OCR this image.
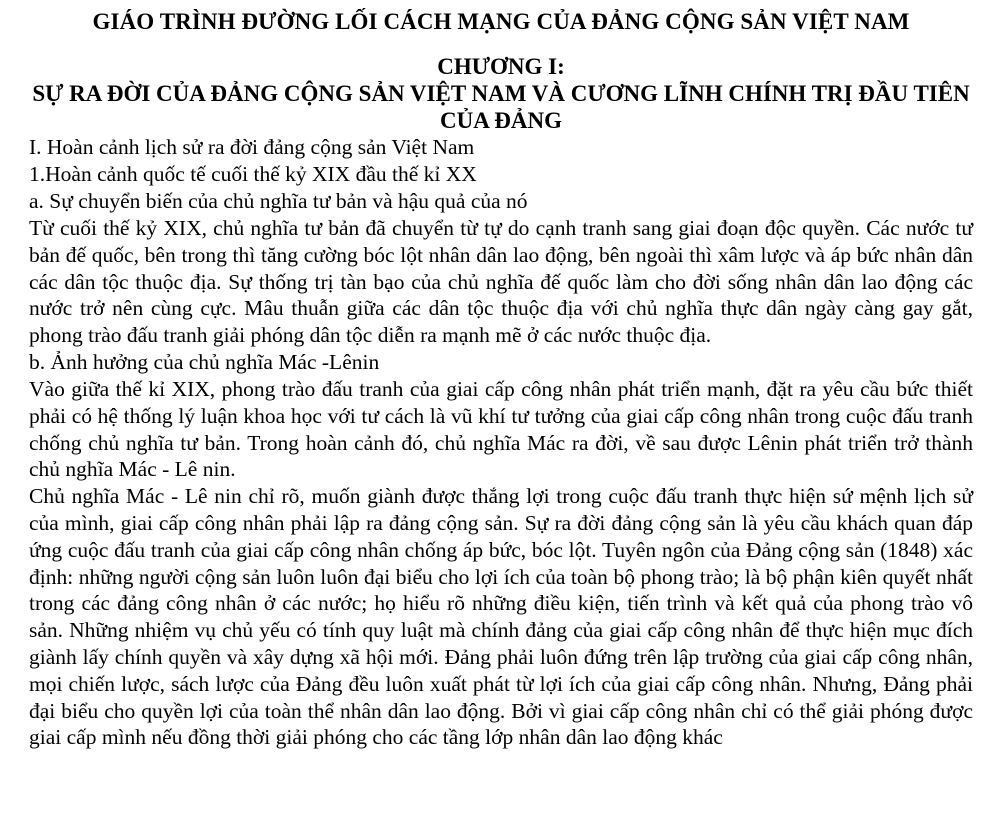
GIÁO TRÌNH ĐƯỜNG LỐI CÁCH MẠNG CỦA ĐẢNG CỘNG SẢN VIỆT NAM
CHƯƠNG I:
SỰ RA ĐỜI CỦA ĐẢNG CỘNG SẢN VIỆT NAM VÀ CƯƠNG LĨNH CHÍNH TRỊ ĐẦU TIÊN CỦA ĐẢNG

I. Hoàn cảnh lịch sử ra đời đảng cộng sản Việt Nam

1.Hoàn cảnh quốc tế cuối thế kỷ XIX đầu thế kỉ XX

a. Sự chuyển biến của chủ nghĩa tư bản và hậu quả của nó

Từ cuối thế kỷ XIX, chủ nghĩa tư bản đã chuyển từ tự do cạnh tranh sang giai đoạn độc quyền. Các nước tư bản đế quốc, bên trong thì tăng cường bóc lột nhân dân lao động, bên ngoài thì xâm lược và áp bức nhân dân các dân tộc thuộc địa. Sự thống trị tàn bạo của chủ nghĩa đế quốc làm cho đời sống nhân dân lao động các nước trở nên cùng cực. Mâu thuẫn giữa các dân tộc thuộc địa với chủ nghĩa thực dân ngày càng gay gắt, phong trào đấu tranh giải phóng dân tộc diễn ra mạnh mẽ ở các nước thuộc địa.

b. Ảnh hưởng của chủ nghĩa Mác -Lênin

Vào giữa thế kỉ XIX, phong trào đấu tranh của giai cấp công nhân phát triển mạnh, đặt ra yêu cầu bức thiết phải có hệ thống lý luận khoa học với tư cách là vũ khí tư tưởng của giai cấp công nhân trong cuộc đấu tranh chống chủ nghĩa tư bản. Trong hoàn cảnh đó, chủ nghĩa Mác ra đời, về sau được Lênin phát triển trở thành chủ nghĩa Mác - Lê nin.

Chủ nghĩa Mác - Lê nin chỉ rõ, muốn giành được thắng lợi trong cuộc đấu tranh thực hiện sứ mệnh lịch sử của mình, giai cấp công nhân phải lập ra đảng cộng sản. Sự ra đời đảng cộng sản là yêu cầu khách quan đáp ứng cuộc đấu tranh của giai cấp công nhân chống áp bức, bóc lột. Tuyên ngôn của Đảng cộng sản (1848) xác định: những người cộng sản luôn luôn đại biểu cho lợi ích của toàn bộ phong trào; là bộ phận kiên quyết nhất trong các đảng công nhân ở các nước; họ hiểu rõ những điều kiện, tiến trình và kết quả của phong trào vô sản. Những nhiệm vụ chủ yếu có tính quy luật mà chính đảng của giai cấp công nhân để thực hiện mục đích giành lấy chính quyền và xây dựng xã hội mới. Đảng phải luôn đứng trên lập trường của giai cấp công nhân, mọi chiến lược, sách lược của Đảng đều luôn xuất phát từ lợi ích của giai cấp công nhân. Nhưng, Đảng phải đại biểu cho quyền lợi của toàn thể nhân dân lao động. Bởi vì giai cấp công nhân chỉ có thể giải phóng được giai cấp mình nếu đồng thời giải phóng cho các tầng lớp nhân dân lao động khác
